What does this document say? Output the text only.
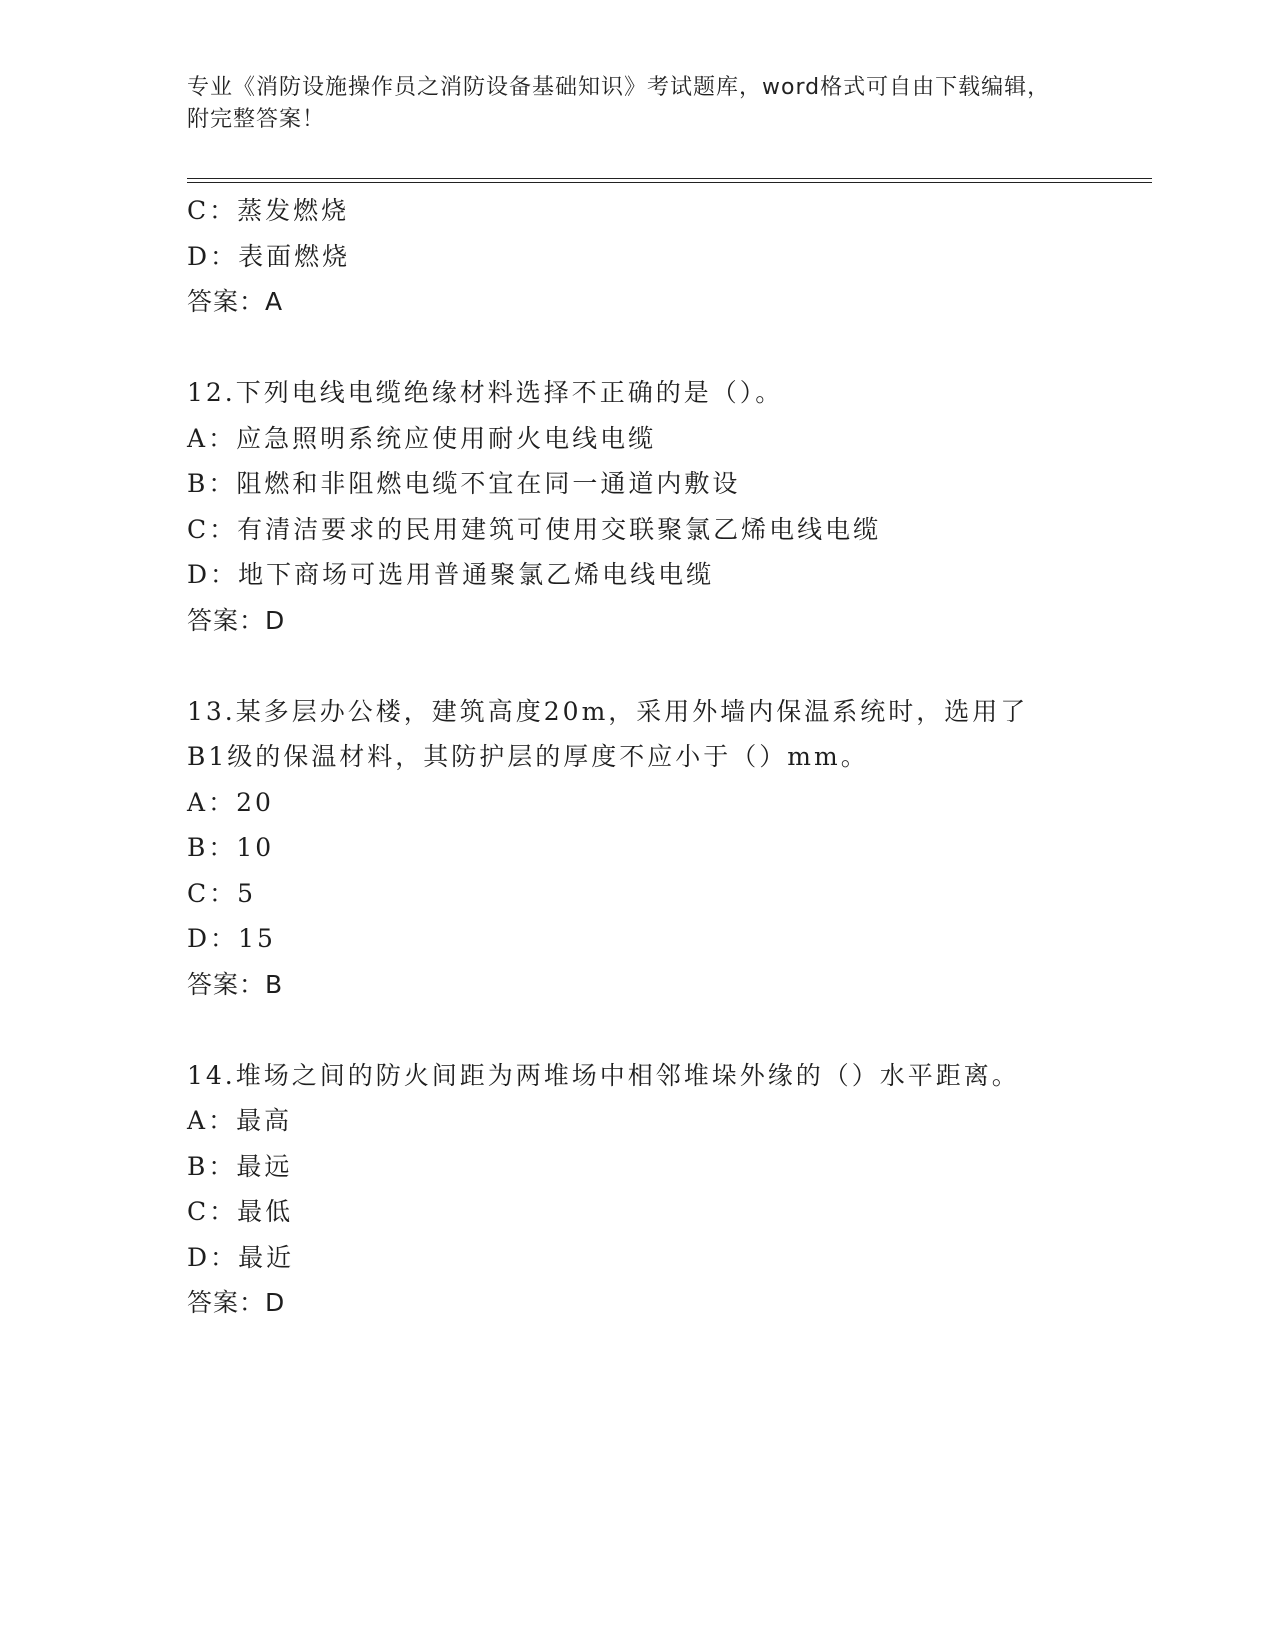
专业《消防设施操作员之消防设备基础知识》考试题库，word格式可自由下载编辑，附完整答案！
C：蒸发燃烧
D：表面燃烧
答案：A
12.下列电线电缆绝缘材料选择不正确的是（）。
A：应急照明系统应使用耐火电线电缆
B：阻燃和非阻燃电缆不宜在同一通道内敷设
C：有清洁要求的民用建筑可使用交联聚氯乙烯电线电缆
D：地下商场可选用普通聚氯乙烯电线电缆
答案：D
13.某多层办公楼，建筑高度20m，采用外墙内保温系统时，选用了B1级的保温材料，其防护层的厚度不应小于（）mm。
A：20
B：10
C：5
D：15
答案：B
14.堆场之间的防火间距为两堆场中相邻堆垛外缘的（）水平距离。
A：最高
B：最远
C：最低
D：最近
答案：D
